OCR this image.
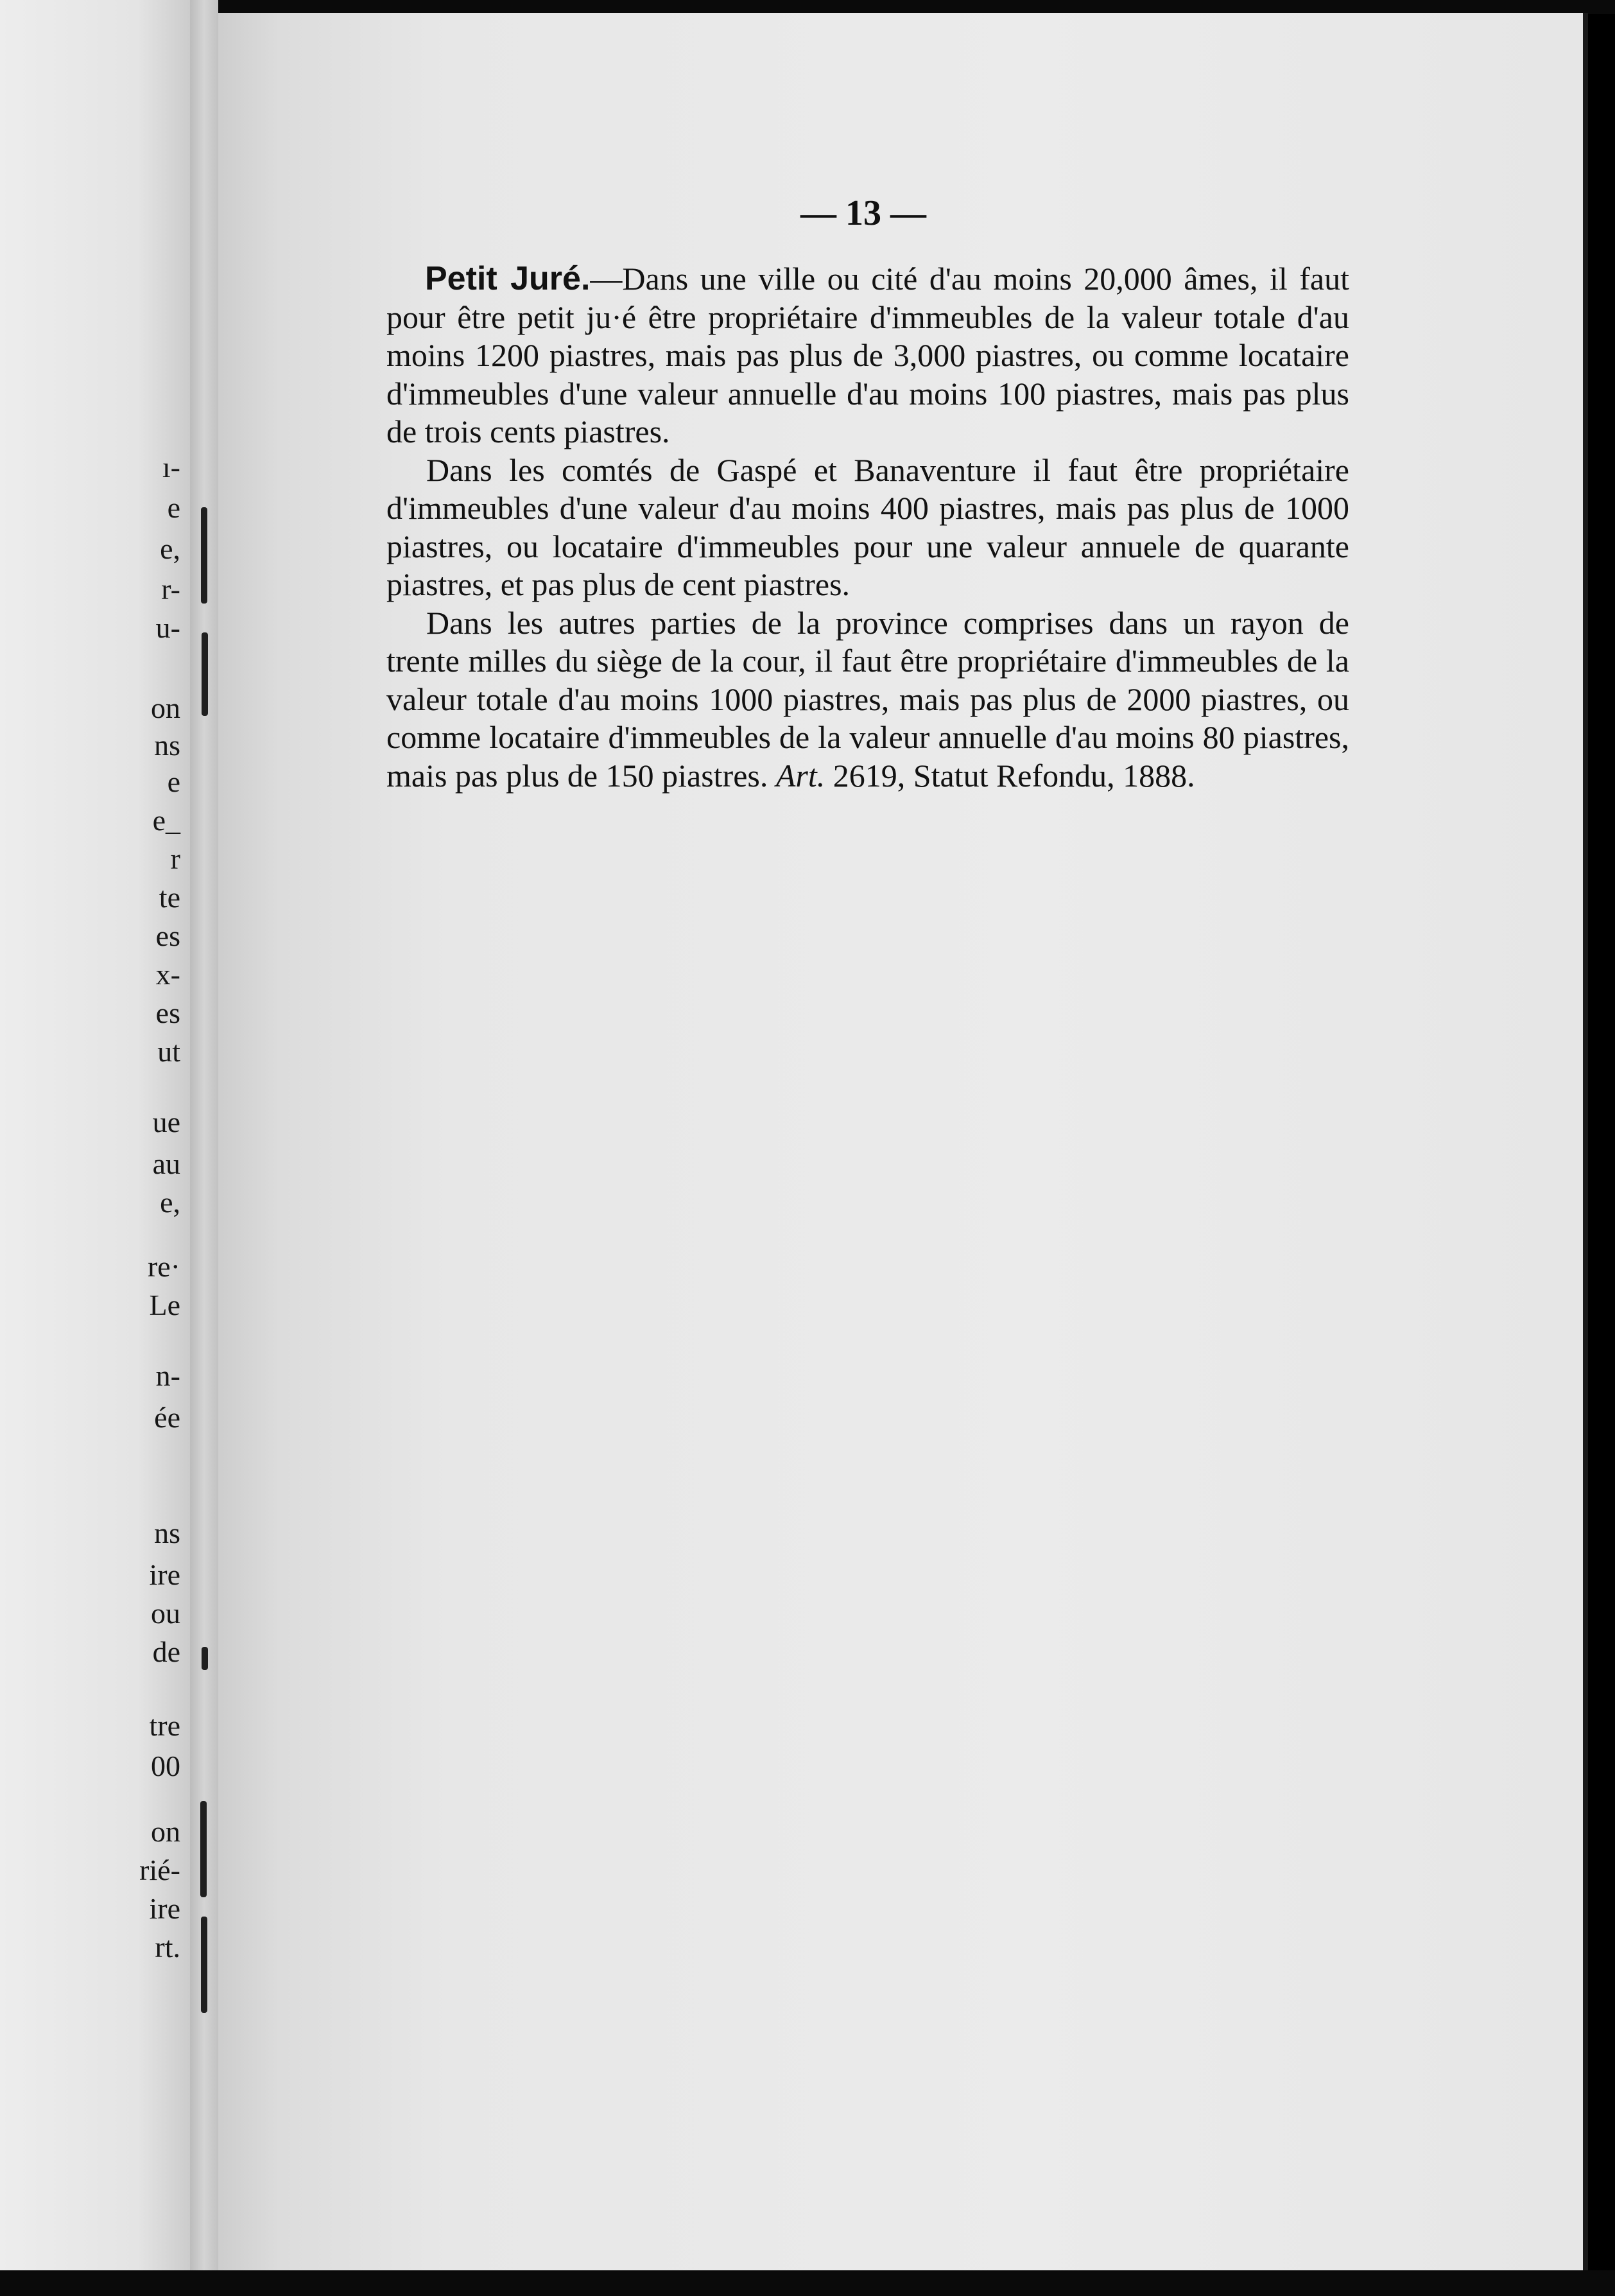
ı-
e
e,
r-
u-
on
ns
e
e_
r
te
es
x-
es
ut
ue
au
e,
re·
Le
n-
ée
ns
ire
ou
de
tre
00
on
rié-
ire
rt.
— 13 —

Petit Juré.—Dans une ville ou cité d'au moins 20,000 âmes, il faut pour être petit ju·é être propriétaire d'immeubles de la valeur totale d'au moins 1200 piastres, mais pas plus de 3,000 piastres, ou comme locataire d'immeubles d'une valeur annuelle d'au moins 100 piastres, mais pas plus de trois cents piastres.

Dans les comtés de Gaspé et Banaventure il faut être propriétaire d'immeubles d'une valeur d'au moins 400 piastres, mais pas plus de 1000 piastres, ou locataire d'immeubles pour une valeur annuele de quarante piastres, et pas plus de cent piastres.

Dans les autres parties de la province comprises dans un rayon de trente milles du siège de la cour, il faut être propriétaire d'immeubles de la valeur totale d'au moins 1000 piastres, mais pas plus de 2000 piastres, ou comme locataire d'immeubles de la valeur annuelle d'au moins 80 piastres, mais pas plus de 150 piastres. Art. 2619, Statut Refondu, 1888.
